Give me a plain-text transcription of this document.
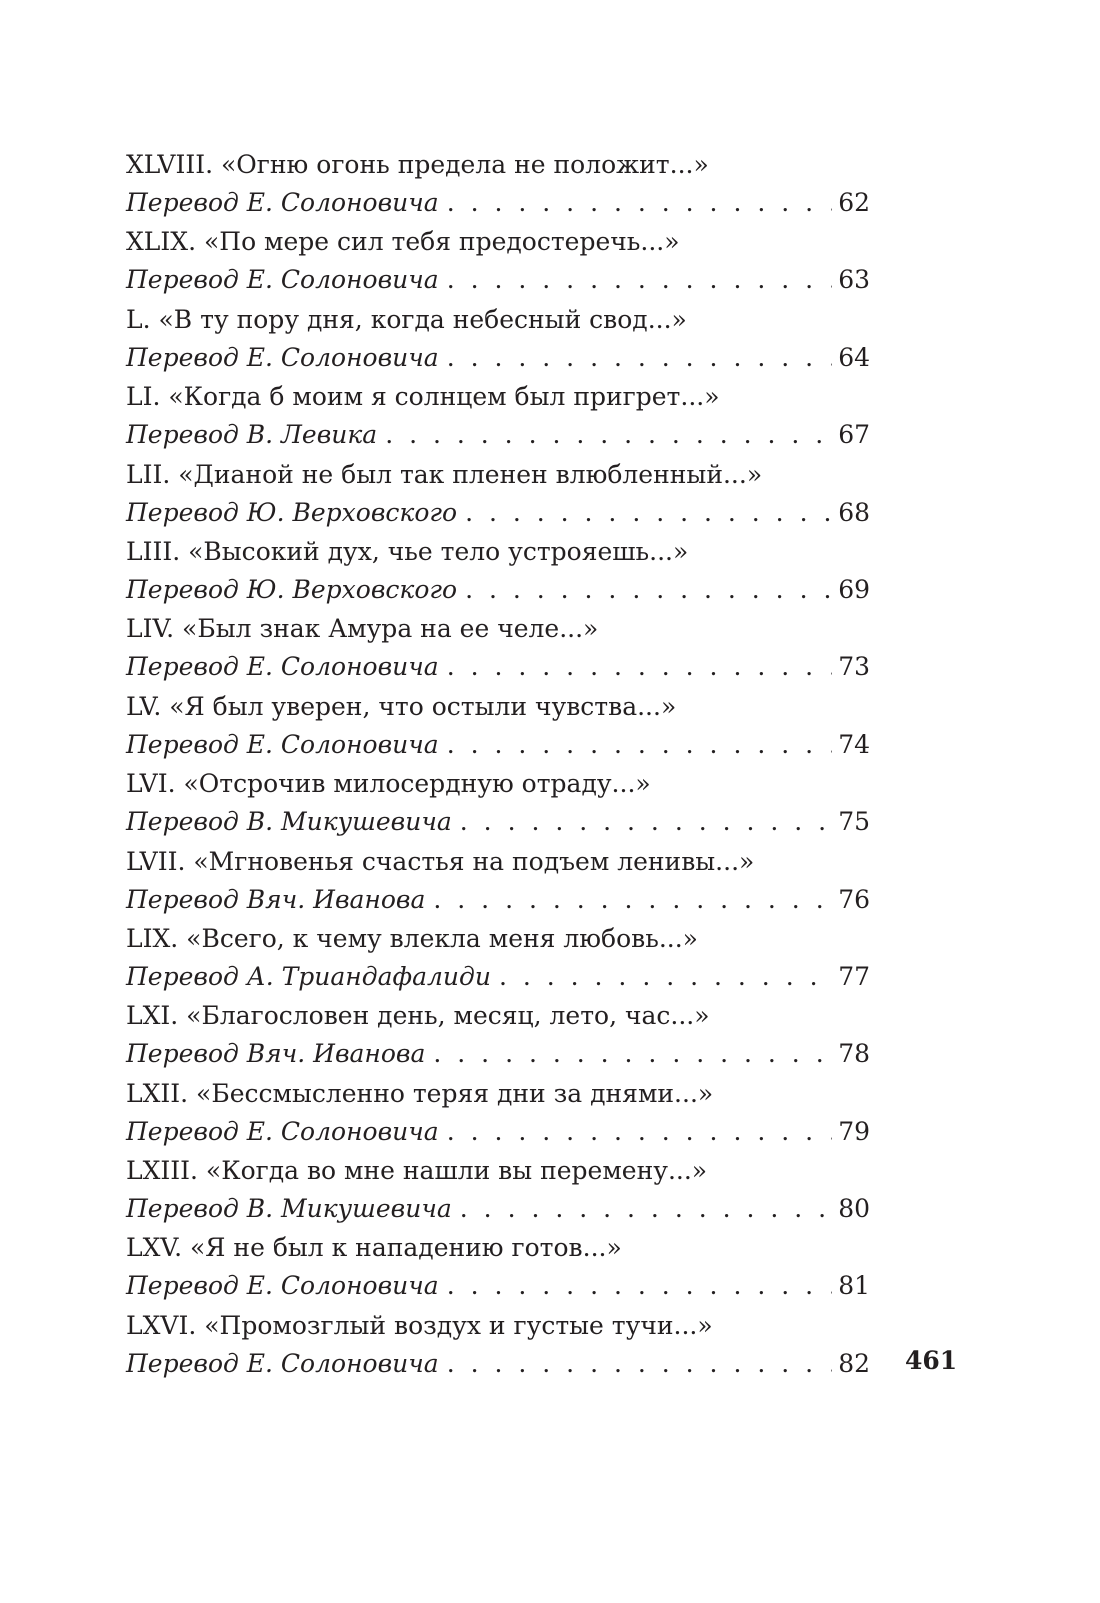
XLVIII. «Огню огонь предела не положит...»
Перевод Е. Солоновича . . .	62
XLIX. «По мере сил тебя предостеречь...»
Перевод Е. Солоновича . . .	63
L. «В ту пору дня, когда небесный свод...»
Перевод Е. Солоновича . . .	64
LI. «Когда б моим я солнцем был пригрет...»
Перевод В. Левика . . .	67
LII. «Дианой не был так пленен влюбленный...»
Перевод Ю. Верховского . . .	68
LIII. «Высокий дух, чье тело устрояешь...»
Перевод Ю. Верховского . . .	69
LIV. «Был знак Амура на ее челе...»
Перевод Е. Солоновича . . .	73
LV. «Я был уверен, что остыли чувства...»
Перевод Е. Солоновича . . .	74
LVI. «Отсрочив милосердную отраду...»
Перевод В. Микушевича . . .	75
LVII. «Мгновенья счастья на подъем ленивы...»
Перевод Вяч. Иванова . . .	76
LIX. «Всего, к чему влекла меня любовь...»
Перевод А. Триандафалиди . . .	77
LXI. «Благословен день, месяц, лето, час...»
Перевод Вяч. Иванова . . .	78
LXII. «Бессмысленно теряя дни за днями...»
Перевод Е. Солоновича . . .	79
LXIII. «Когда во мне нашли вы перемену...»
Перевод В. Микушевича . . .	80
LXV. «Я не был к нападению готов...»
Перевод Е. Солоновича . . .	81
LXVI. «Промозглый воздух и густые тучи...»
Перевод Е. Солоновича . . .	82 461
